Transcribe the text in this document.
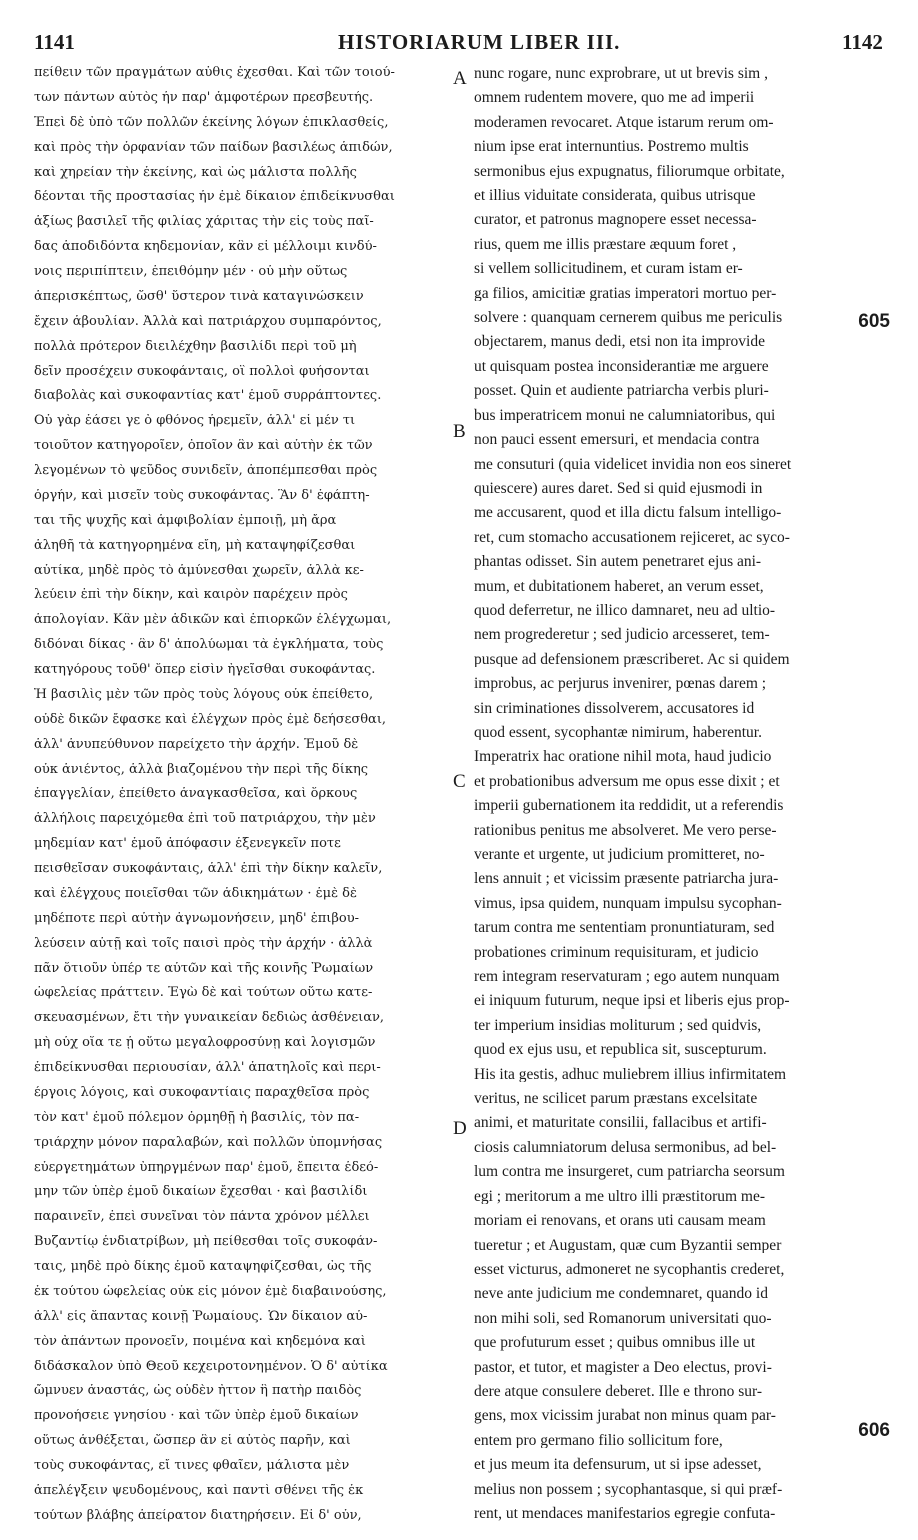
1141	HISTORIARUM LIBER III.	1142
πείθειν τῶν πραγμάτων αὐθις ἐχεσθαι. Καὶ τῶν τοιού-
των πάντων αὐτὸς ἦν παρ' ἀμφοτέρων πρεσβευτής.
Ἐπεὶ δὲ ὑπὸ τῶν πολλῶν ἐκείνης λόγων ἐπικλασθείς,
καὶ πρὸς τὴν ὀρφανίαν τῶν παίδων βασιλέως ἀπιδών,
καὶ χηρείαν τὴν ἐκείνης, καὶ ὡς μάλιστα πολλῆς
δέονται τῆς προστασίας ἦν ἐμὲ δίκαιον ἐπιδείκνυσθαι
ἀξίως βασιλεῖ τῆς φιλίας χάριτας τὴν εἰς τοὺς παῖ-
δας ἀποδιδόντα κηδεμονίαν, κἂν εἰ μέλλοιμι κινδύ-
νοις περιπίπτειν, ἐπειθόμην μέν · οὐ μὴν οὕτως
ἀπερισκέπτως, ὥσθ' ὕστερον τινὰ καταγινώσκειν
ἔχειν ἀβουλίαν. Ἀλλὰ καὶ πατριάρχου συμπαρόντος,
πολλὰ πρότερον διειλέχθην βασιλίδι περὶ τοῦ μὴ
δεῖν προσέχειν συκοφάνταις, οἳ πολλοὶ φυήσονται
διαβολὰς καὶ συκοφαντίας κατ' ἐμοῦ συρράπτοντες.
Οὐ γὰρ ἐάσει γε ὁ φθόνος ἠρεμεῖν, ἀλλ' εἰ μέν τι
τοιοῦτον κατηγοροῖεν, ὁποῖον ἂν καὶ αὐτὴν ἐκ τῶν
λεγομένων τὸ ψεῦδος συνιδεῖν, ἀποπέμπεσθαι πρὸς
ὀργήν, καὶ μισεῖν τοὺς συκοφάντας. Ἂν δ' ἐφάπτη-
ται τῆς ψυχῆς καὶ ἀμφιβολίαν ἐμποιῇ, μὴ ἄρα
ἀληθῆ τὰ κατηγορημένα εἴη, μὴ καταψηφίζεσθαι
αὐτίκα, μηδὲ πρὸς τὸ ἀμύνεσθαι χωρεῖν, ἀλλὰ κε-
λεύειν ἐπὶ τὴν δίκην, καὶ καιρὸν παρέχειν πρὸς
ἀπολογίαν. Κἂν μὲν ἀδικῶν καὶ ἐπιορκῶν ἐλέγχωμαι,
διδόναι δίκας · ἂν δ' ἀπολύωμαι τὰ ἐγκλήματα, τοὺς
κατηγόρους τοῦθ' ὅπερ εἰσὶν ἡγεῖσθαι συκοφάντας.
Ἡ βασιλὶς μὲν τῶν πρὸς τοὺς λόγους οὐκ ἐπείθετο,
οὐδὲ δικῶν ἔφασκε καὶ ἐλέγχων πρὸς ἐμὲ δεήσεσθαι,
ἀλλ' ἀνυπεύθυνον παρείχετο τὴν ἀρχήν. Ἐμοῦ δὲ
οὐκ ἀνιέντος, ἀλλὰ βιαζομένου τὴν περὶ τῆς δίκης
ἐπαγγελίαν, ἐπείθετο ἀναγκασθεῖσα, καὶ ὅρκους
ἀλλήλοις παρειχόμεθα ἐπὶ τοῦ πατριάρχου, τὴν μὲν
μηδεμίαν κατ' ἐμοῦ ἀπόφασιν ἐξενεγκεῖν ποτε
πεισθεῖσαν συκοφάνταις, ἀλλ' ἐπὶ τὴν δίκην καλεῖν,
καὶ ἐλέγχους ποιεῖσθαι τῶν ἀδικημάτων · ἐμὲ δὲ
μηδέποτε περὶ αὐτὴν ἀγνωμονήσειν, μηδ' ἐπιβου-
λεύσειν αὐτῇ καὶ τοῖς παισὶ πρὸς τὴν ἀρχήν · ἀλλὰ
πᾶν ὅτιοῦν ὑπέρ τε αὐτῶν καὶ τῆς κοινῆς Ῥωμαίων
ὠφελείας πράττειν. Ἐγὼ δὲ καὶ τούτων οὕτω κατε-
σκευασμένων, ἔτι τὴν γυναικείαν δεδιὼς ἀσθένειαν,
μὴ οὐχ οἵα τε ᾖ οὕτω μεγαλοφροσύνῃ καὶ λογισμῶν
ἐπιδείκνυσθαι περιουσίαν, ἀλλ' ἀπατηλοῖς καὶ περι-
έργοις λόγοις, καὶ συκοφαντίαις παραχθεῖσα πρὸς
τὸν κατ' ἐμοῦ πόλεμον ὁρμηθῇ ἡ βασιλίς, τὸν πα-
τριάρχην μόνον παραλαβών, καὶ πολλῶν ὑπομνήσας
εὐεργετημάτων ὑπηργμένων παρ' ἐμοῦ, ἔπειτα ἐδεό-
μην τῶν ὑπὲρ ἐμοῦ δικαίων ἔχεσθαι · καὶ βασιλίδι
παραινεῖν, ἐπεὶ συνεῖναι τὸν πάντα χρόνον μέλλει
Βυζαντίῳ ἐνδιατρίβων, μὴ πείθεσθαι τοῖς συκοφάν-
ταις, μηδὲ πρὸ δίκης ἐμοῦ καταψηφίζεσθαι, ὡς τῆς
ἐκ τούτου ὠφελείας οὐκ εἰς μόνον ἐμὲ διαβαινούσης,
ἀλλ' εἰς ἅπαντας κοινῇ Ῥωμαίους. Ὧν δίκαιον αὐ-
τὸν ἁπάντων προνοεῖν, ποιμένα καὶ κηδεμόνα καὶ
διδάσκαλον ὑπὸ Θεοῦ κεχειροτονημένον. Ὁ δ' αὐτίκα
ὤμνυεν ἀναστάς, ὡς οὐδὲν ἧττον ἢ πατὴρ παιδὸς
προνοήσειε γνησίου · καὶ τῶν ὑπὲρ ἐμοῦ δικαίων
οὕτως ἀνθέξεται, ὥσπερ ἂν εἰ αὐτὸς παρῆν, καὶ
τοὺς συκοφάντας, εἴ τινες φθαῖεν, μάλιστα μὲν
ἀπελέγξειν ψευδομένους, καὶ παντὶ σθένει τῆς ἐκ
τούτων βλάβης ἀπείρατον διατηρήσειν. Εἰ δ' οὖν,
A
B
C
D
nunc rogare, nunc exprobrare, ut ut brevis sim ,
omnem rudentem movere, quo me ad imperii
moderamen revocaret. Atque istarum rerum om-
nium ipse erat internuntius. Postremo multis
sermonibus ejus expugnatus, filiorumque orbitate,
et illius viduitate considerata, quibus utrisque
curator, et patronus magnopere esset necessa-
rius, quem me illis præstare æquum foret ,
si vellem sollicitudinem, et curam istam er-
ga filios, amicitiæ gratias imperatori mortuo per-
solvere : quanquam cernerem quibus me periculis
objectarem, manus dedi, etsi non ita improvide
ut quisquam postea inconsiderantiæ me arguere
posset. Quin et audiente patriarcha verbis pluri-
bus imperatricem monui ne calumniatoribus, qui
non pauci essent emersuri, et mendacia contra
me consuturi (quia videlicet invidia non eos sineret
quiescere) aures daret. Sed si quid ejusmodi in
me accusarent, quod et illa dictu falsum intelligo-
ret, cum stomacho accusationem rejiceret, ac syco-
phantas odisset. Sin autem penetraret ejus ani-
mum, et dubitationem haberet, an verum esset,
quod deferretur, ne illico damnaret, neu ad ultio-
nem progrederetur ; sed judicio arcesseret, tem-
pusque ad defensionem præscriberet. Ac si quidem
improbus, ac perjurus invenirer, pœnas darem ;
sin criminationes dissolverem, accusatores id
quod essent, sycophantæ nimirum, haberentur.
Imperatrix hac oratione nihil mota, haud judicio
et probationibus adversum me opus esse dixit ; et
imperii gubernationem ita reddidit, ut a referendis
rationibus penitus me absolveret. Me vero perse-
verante et urgente, ut judicium promitteret, no-
lens annuit ; et vicissim præsente patriarcha jura-
vimus, ipsa quidem, nunquam impulsu sycophan-
tarum contra me sententiam pronuntiaturam, sed
probationes criminum requisituram, et judicio
rem integram reservaturam ; ego autem nunquam
ei iniquum futurum, neque ipsi et liberis ejus prop-
ter imperium insidias moliturum ; sed quidvis,
quod ex ejus usu, et republica sit, suscepturum.
His ita gestis, adhuc muliebrem illius infirmitatem
veritus, ne scilicet parum præstans excelsitate
animi, et maturitate consilii, fallacibus et artifi-
ciosis calumniatorum delusa sermonibus, ad bel-
lum contra me insurgeret, cum patriarcha seorsum
egi ; meritorum a me ultro illi præstitorum me-
moriam ei renovans, et orans uti causam meam
tueretur ; et Augustam, quæ cum Byzantii semper
esset victurus, admoneret ne sycophantis crederet,
neve ante judicium me condemnaret, quando id
non mihi soli, sed Romanorum universitati quo-
que profuturum esset ; quibus omnibus ille ut
pastor, et tutor, et magister a Deo electus, provi-
dere atque consulere deberet. Ille e throno sur-
gens, mox vicissim jurabat non minus quam par-
entem pro germano filio sollicitum fore,
et jus meum ita defensurum, ut si ipse adesset,
melius non possem ; sycophantasque, si qui præf-
rent, ut mendaces manifestarios egregie confuta-
605
606
